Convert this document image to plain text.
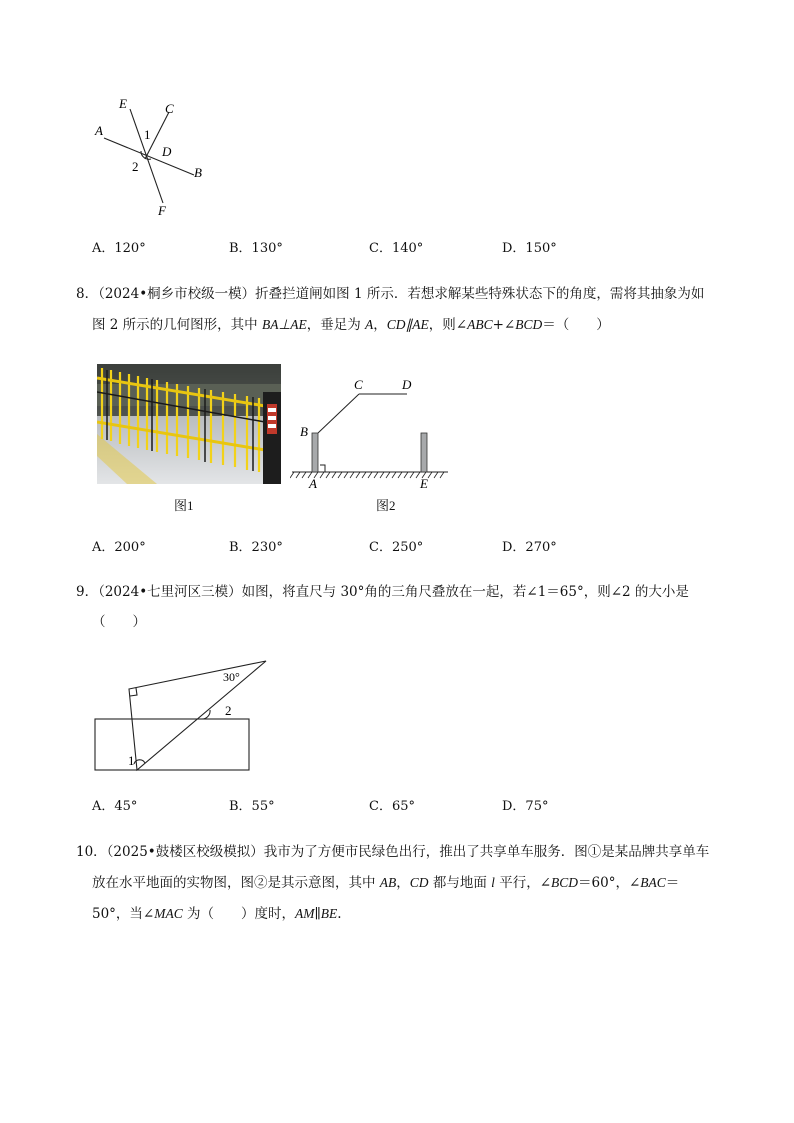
E	C
A	1
D
2	B
F
A．120°	B．130°	C．140°	D．150°
8．（2024•桐乡市校级一模）折叠拦道闸如图 1 所示．若想求解某些特殊状态下的角度，需将其抽象为如
图 2 所示的几何图形，其中 BA⊥AE，垂足为 A，CD∥AE，则∠ABC+∠BCD＝（　　）
图1
C	D
B
A	E
图2
A．200°	B．230°	C．250°	D．270°
9．（2024•七里河区三模）如图，将直尺与 30°角的三角尺叠放在一起，若∠1＝65°，则∠2 的大小是
（　　）
30°
2
1
A．45°	B．55°	C．65°	D．75°
10．（2025•鼓楼区校级模拟）我市为了方便市民绿色出行，推出了共享单车服务．图①是某品牌共享单车
放在水平地面的实物图，图②是其示意图，其中 AB，CD 都与地面 l 平行，∠BCD＝60°，∠BAC＝
50°，当∠MAC 为（　　）度时，AM∥BE.
